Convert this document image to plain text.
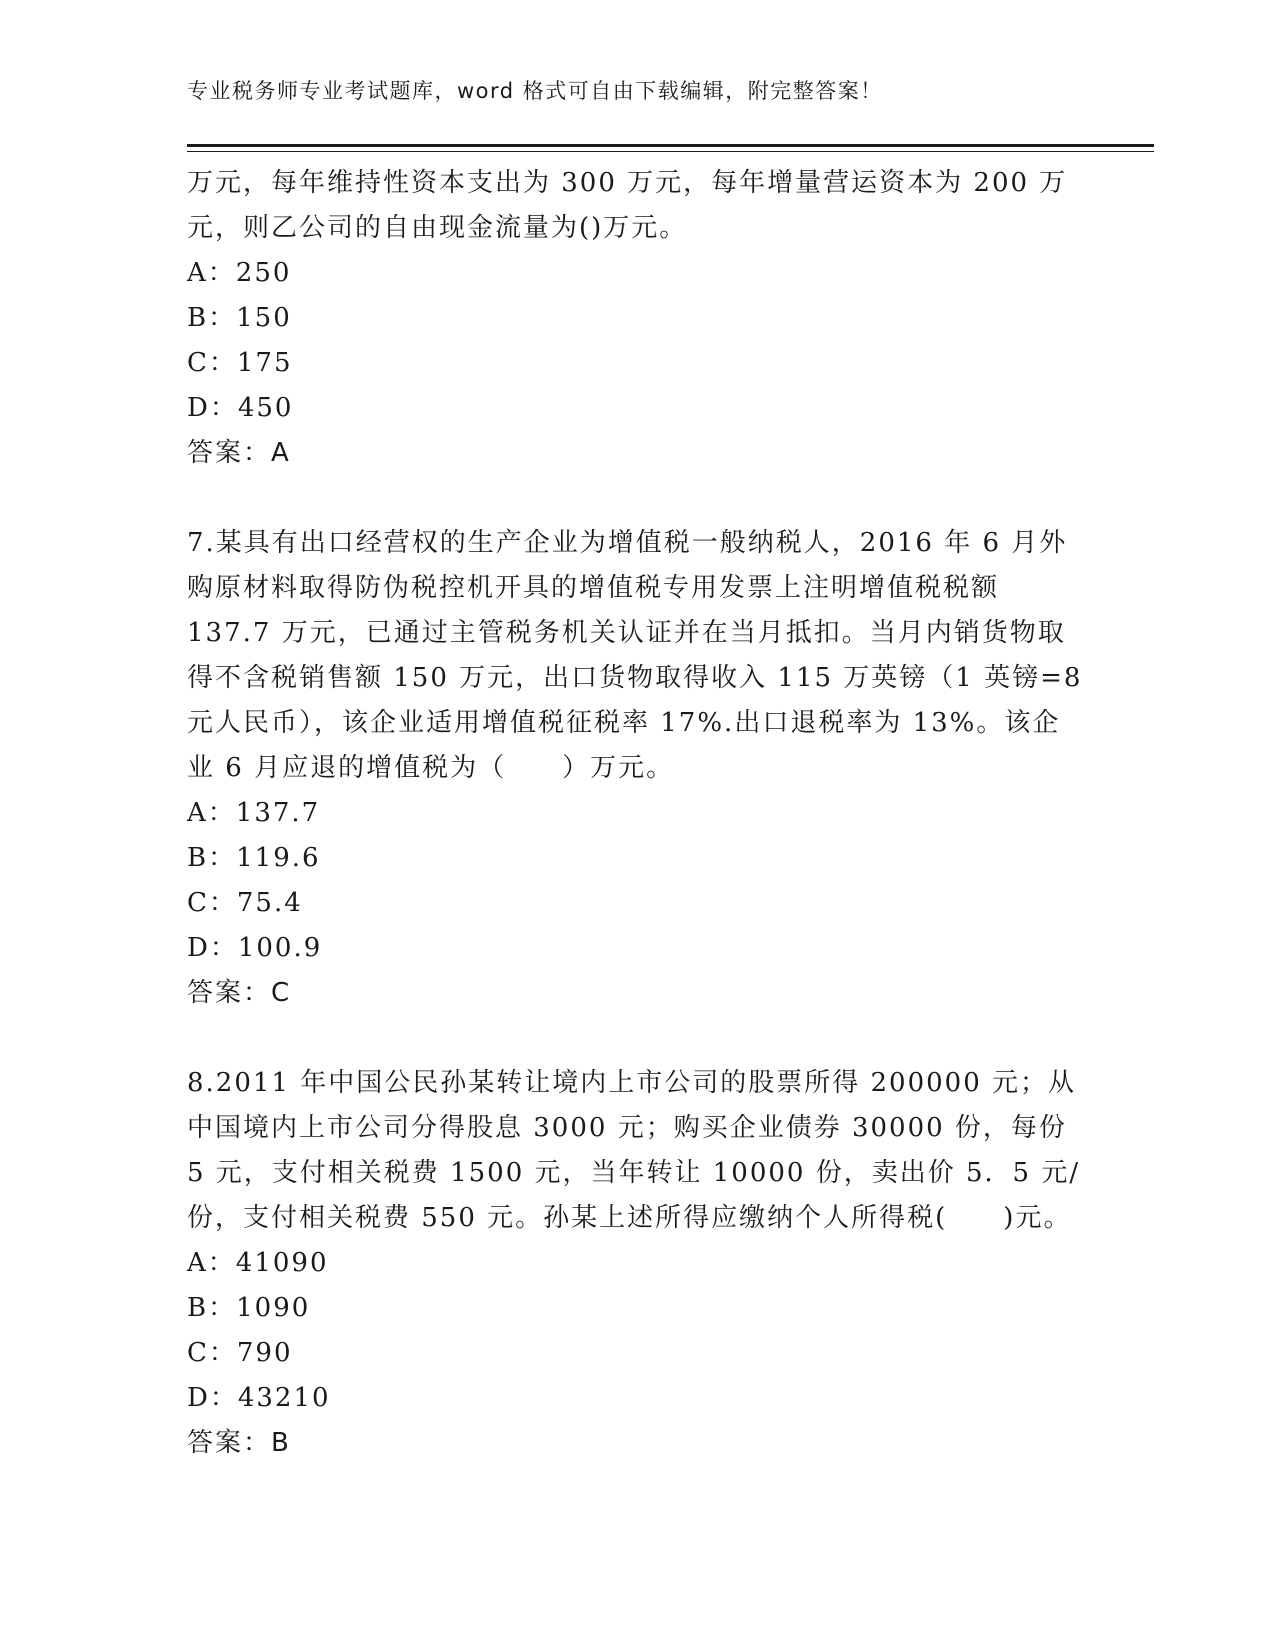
专业税务师专业考试题库，word 格式可自由下载编辑，附完整答案！

万元，每年维持性资本支出为 300 万元，每年增量营运资本为 200 万元，则乙公司的自由现金流量为()万元。

A：250
B：150
C：175
D：450
答案：A

7.某具有出口经营权的生产企业为增值税一般纳税人，2016 年 6 月外购原材料取得防伪税控机开具的增值税专用发票上注明增值税税额 137.7 万元，已通过主管税务机关认证并在当月抵扣。当月内销货物取得不含税销售额 150 万元，出口货物取得收入 115 万英镑（1 英镑=8 元人民币），该企业适用增值税征税率 17%.出口退税率为 13%。该企业 6 月应退的增值税为（　　）万元。

A：137.7
B：119.6
C：75.4
D：100.9
答案：C

8.2011 年中国公民孙某转让境内上市公司的股票所得 200000 元；从中国境内上市公司分得股息 3000 元；购买企业债券 30000 份，每份 5 元，支付相关税费 1500 元，当年转让 10000 份，卖出价 5．5 元/份，支付相关税费 550 元。孙某上述所得应缴纳个人所得税(　　)元。

A：41090
B：1090
C：790
D：43210
答案：B
